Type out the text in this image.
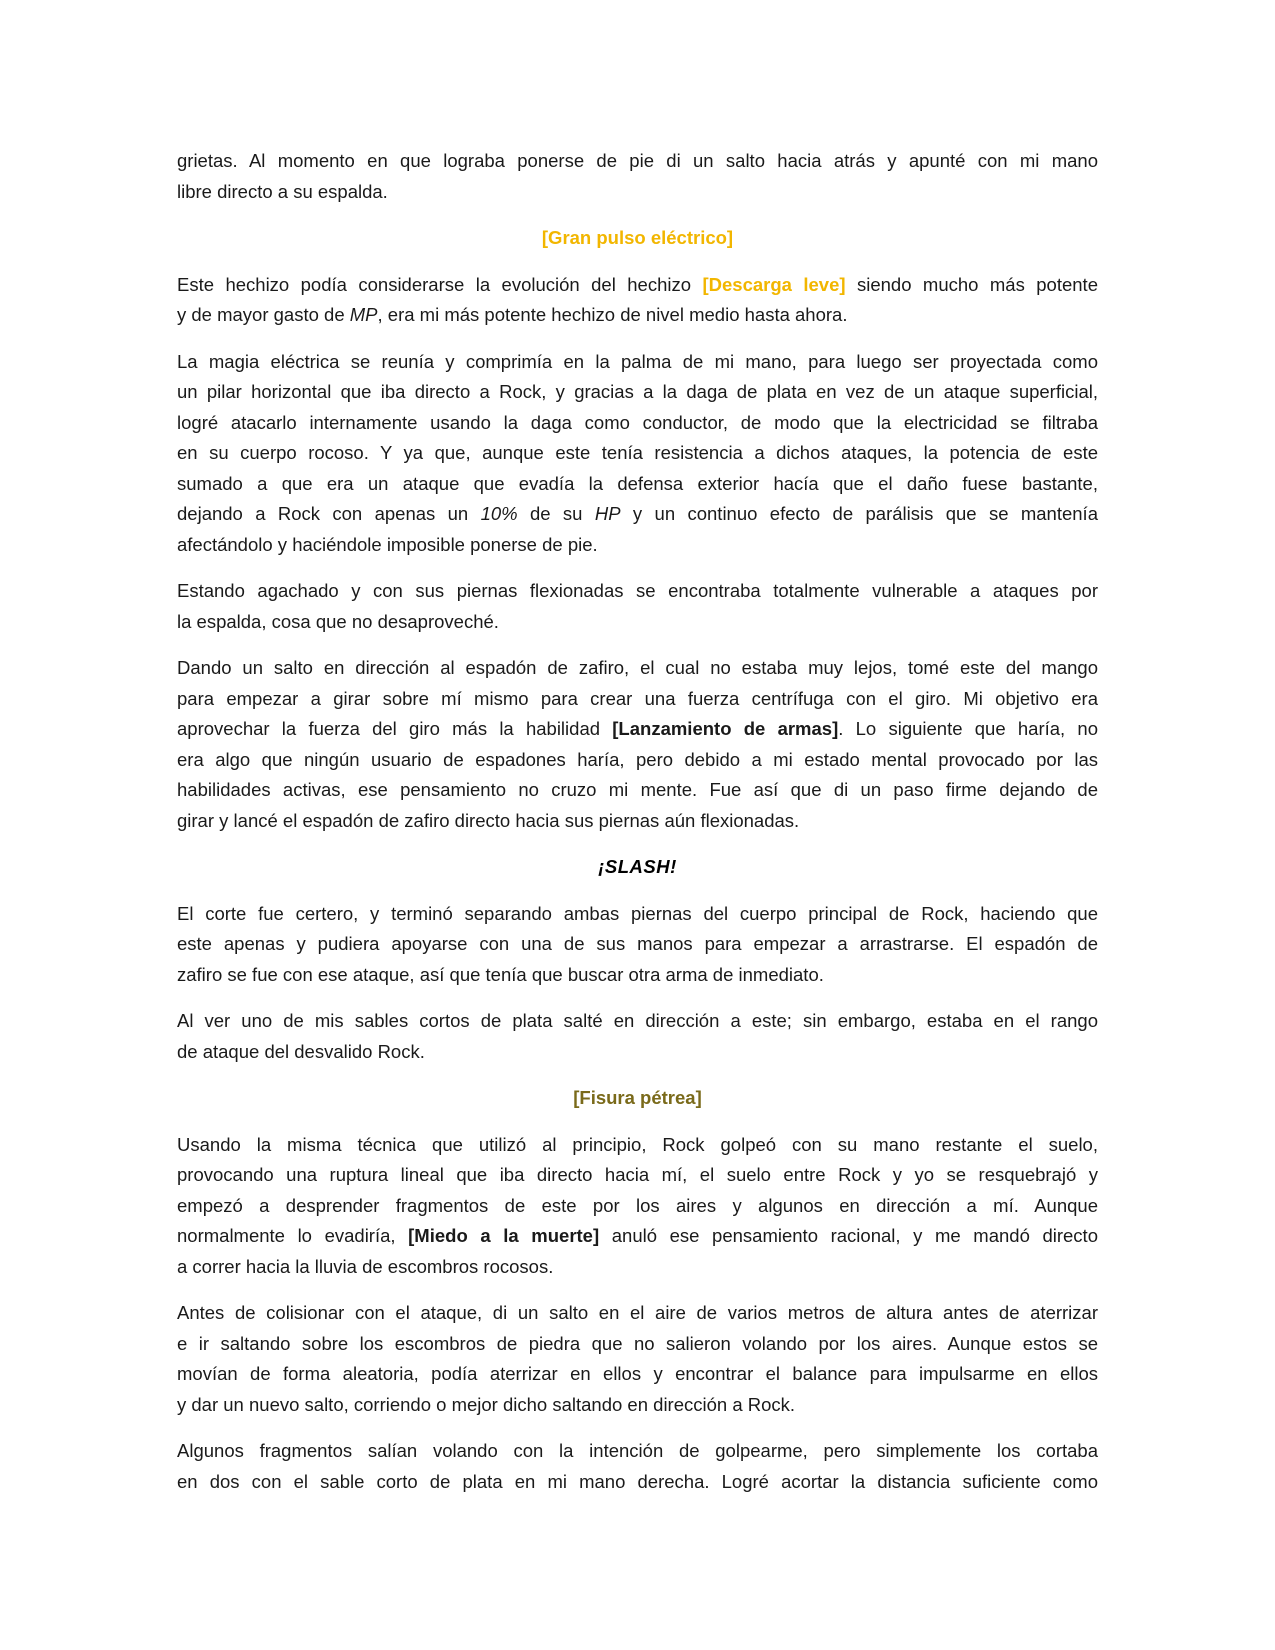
grietas. Al momento en que lograba ponerse de pie di un salto hacia atrás y apunté con mi mano
libre directo a su espalda.
[Gran pulso eléctrico]
Este hechizo podía considerarse la evolución del hechizo [Descarga leve] siendo mucho más potente
y de mayor gasto de MP, era mi más potente hechizo de nivel medio hasta ahora.
La magia eléctrica se reunía y comprimía en la palma de mi mano, para luego ser proyectada como
un pilar horizontal que iba directo a Rock, y gracias a la daga de plata en vez de un ataque superficial,
logré atacarlo internamente usando la daga como conductor, de modo que la electricidad se filtraba
en su cuerpo rocoso. Y ya que, aunque este tenía resistencia a dichos ataques, la potencia de este
sumado a que era un ataque que evadía la defensa exterior hacía que el daño fuese bastante,
dejando a Rock con apenas un 10% de su HP y un continuo efecto de parálisis que se mantenía
afectándolo y haciéndole imposible ponerse de pie.
Estando agachado y con sus piernas flexionadas se encontraba totalmente vulnerable a ataques por
la espalda, cosa que no desaproveché.
Dando un salto en dirección al espadón de zafiro, el cual no estaba muy lejos, tomé este del mango
para empezar a girar sobre mí mismo para crear una fuerza centrífuga con el giro. Mi objetivo era
aprovechar la fuerza del giro más la habilidad [Lanzamiento de armas]. Lo siguiente que haría, no
era algo que ningún usuario de espadones haría, pero debido a mi estado mental provocado por las
habilidades activas, ese pensamiento no cruzo mi mente. Fue así que di un paso firme dejando de
girar y lancé el espadón de zafiro directo hacia sus piernas aún flexionadas.
¡SLASH!
El corte fue certero, y terminó separando ambas piernas del cuerpo principal de Rock, haciendo que
este apenas y pudiera apoyarse con una de sus manos para empezar a arrastrarse. El espadón de
zafiro se fue con ese ataque, así que tenía que buscar otra arma de inmediato.
Al ver uno de mis sables cortos de plata salté en dirección a este; sin embargo, estaba en el rango
de ataque del desvalido Rock.
[Fisura pétrea]
Usando la misma técnica que utilizó al principio, Rock golpeó con su mano restante el suelo,
provocando una ruptura lineal que iba directo hacia mí, el suelo entre Rock y yo se resquebrajó y
empezó a desprender fragmentos de este por los aires y algunos en dirección a mí. Aunque
normalmente lo evadiría, [Miedo a la muerte] anuló ese pensamiento racional, y me mandó directo
a correr hacia la lluvia de escombros rocosos.
Antes de colisionar con el ataque, di un salto en el aire de varios metros de altura antes de aterrizar
e ir saltando sobre los escombros de piedra que no salieron volando por los aires. Aunque estos se
movían de forma aleatoria, podía aterrizar en ellos y encontrar el balance para impulsarme en ellos
y dar un nuevo salto, corriendo o mejor dicho saltando en dirección a Rock.
Algunos fragmentos salían volando con la intención de golpearme, pero simplemente los cortaba
en dos con el sable corto de plata en mi mano derecha. Logré acortar la distancia suficiente como
